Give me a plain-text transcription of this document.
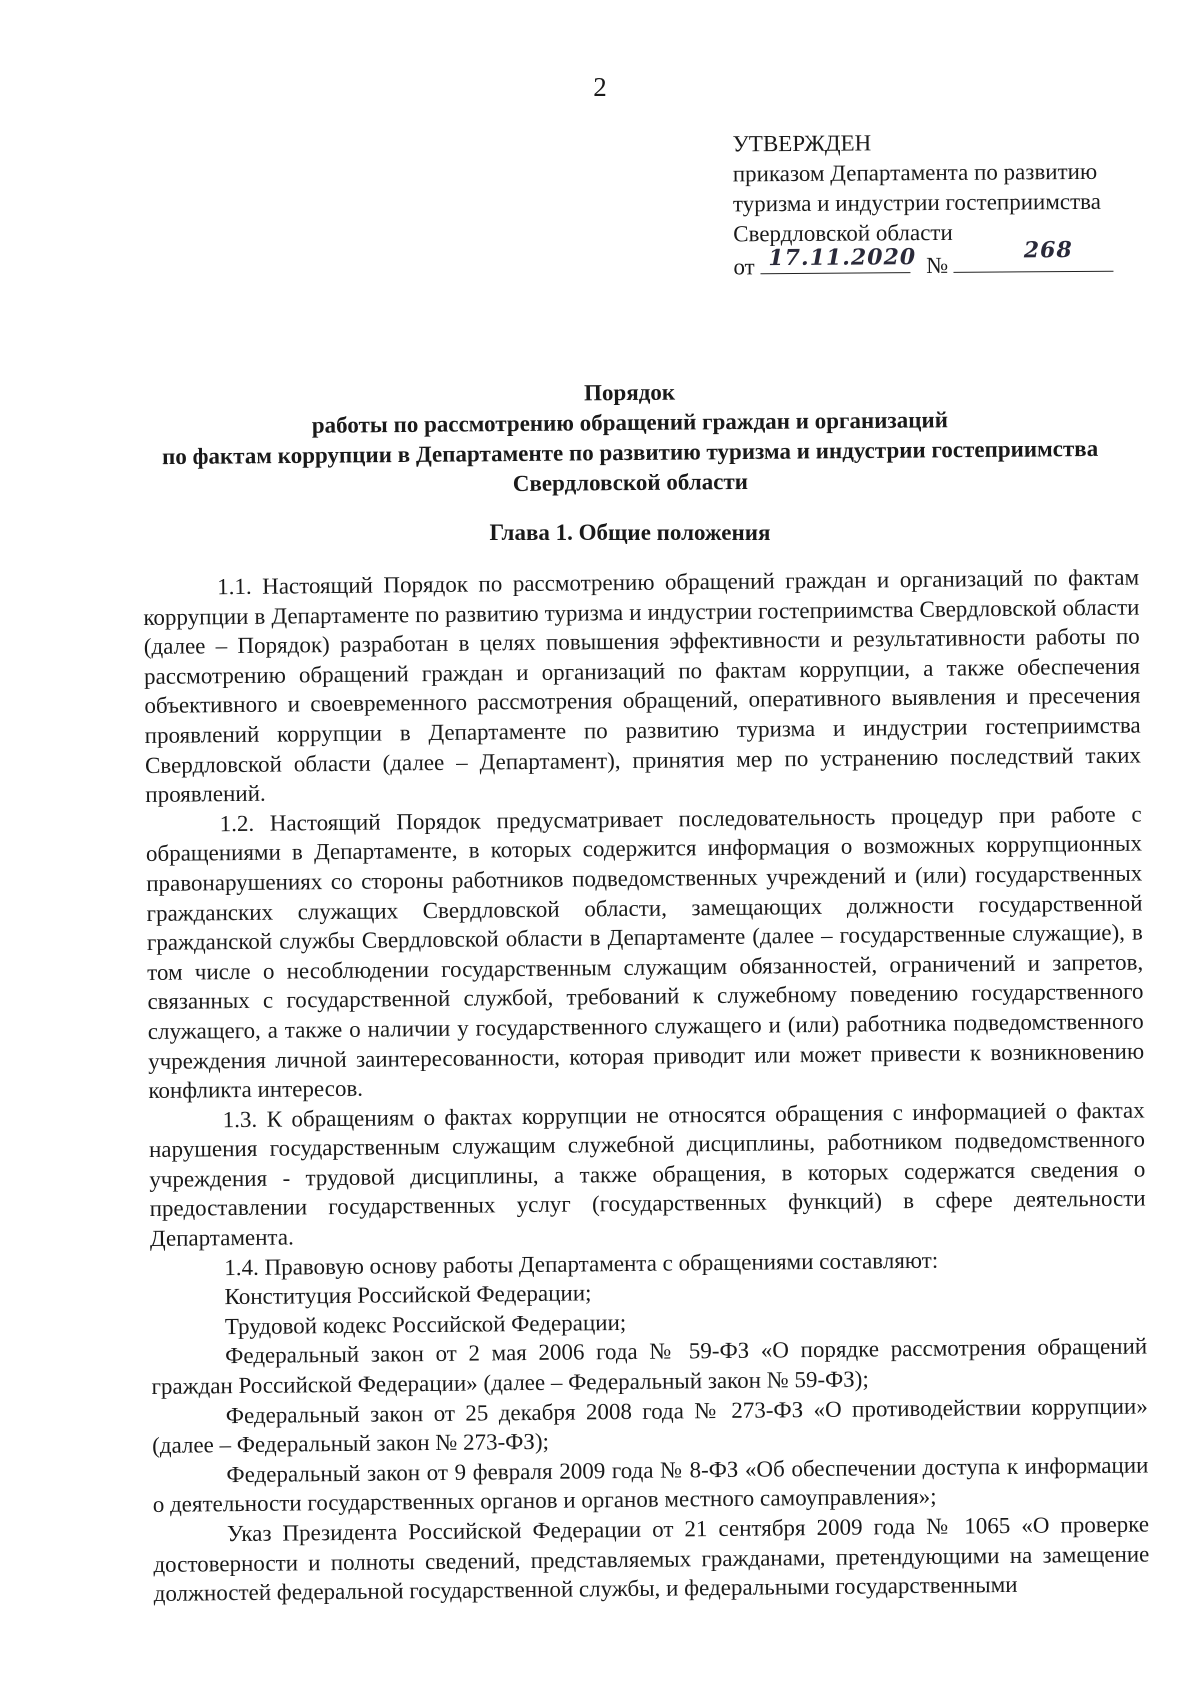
2
УТВЕРЖДЕН
приказом Департамента по развитию
туризма и индустрии гостеприимства
Свердловской области
от 17.11.2020 №
268
Порядок
работы по рассмотрению обращений граждан и организаций
по фактам коррупции в Департаменте по развитию туризма и индустрии гостеприимства
Свердловской области
Глава 1. Общие положения

1.1. Настоящий Порядок по рассмотрению обращений граждан и организаций по фактам коррупции в Департаменте по развитию туризма и индустрии гостеприимства Свердловской области (далее – Порядок) разработан в целях повышения эффективности и результативности работы по рассмотрению обращений граждан и организаций по фактам коррупции, а также обеспечения объективного и своевременного рассмотрения обращений, оперативного выявления и пресечения проявлений коррупции в Департаменте по развитию туризма и индустрии гостеприимства Свердловской области (далее – Департамент), принятия мер по устранению последствий таких проявлений.

1.2. Настоящий Порядок предусматривает последовательность процедур при работе с обращениями в Департаменте, в которых содержится информация о возможных коррупционных правонарушениях со стороны работников подведомственных учреждений и (или) государственных гражданских служащих Свердловской области, замещающих должности государственной гражданской службы Свердловской области в Департаменте (далее – государственные служащие), в том числе о несоблюдении государственным служащим обязанностей, ограничений и запретов, связанных с государственной службой, требований к служебному поведению государственного служащего, а также о наличии у государственного служащего и (или) работника подведомственного учреждения личной заинтересованности, которая приводит или может привести к возникновению конфликта интересов.

1.3. К обращениям о фактах коррупции не относятся обращения с информацией о фактах нарушения государственным служащим служебной дисциплины, работником подведомственного учреждения - трудовой дисциплины, а также обращения, в которых содержатся сведения о предоставлении государственных услуг (государственных функций) в сфере деятельности Департамента.

1.4. Правовую основу работы Департамента с обращениями составляют:

Конституция Российской Федерации;

Трудовой кодекс Российской Федерации;

Федеральный закон от 2 мая 2006 года № 59-ФЗ «О порядке рассмотрения обращений граждан Российской Федерации» (далее – Федеральный закон № 59-ФЗ);

Федеральный закон от 25 декабря 2008 года № 273-ФЗ «О противодействии коррупции» (далее – Федеральный закон № 273-ФЗ);

Федеральный закон от 9 февраля 2009 года № 8-ФЗ «Об обеспечении доступа к информации о деятельности государственных органов и органов местного самоуправления»;

Указ Президента Российской Федерации от 21 сентября 2009 года № 1065 «О проверке достоверности и полноты сведений, представляемых гражданами, претендующими на замещение должностей федеральной государственной службы, и федеральными государственными
